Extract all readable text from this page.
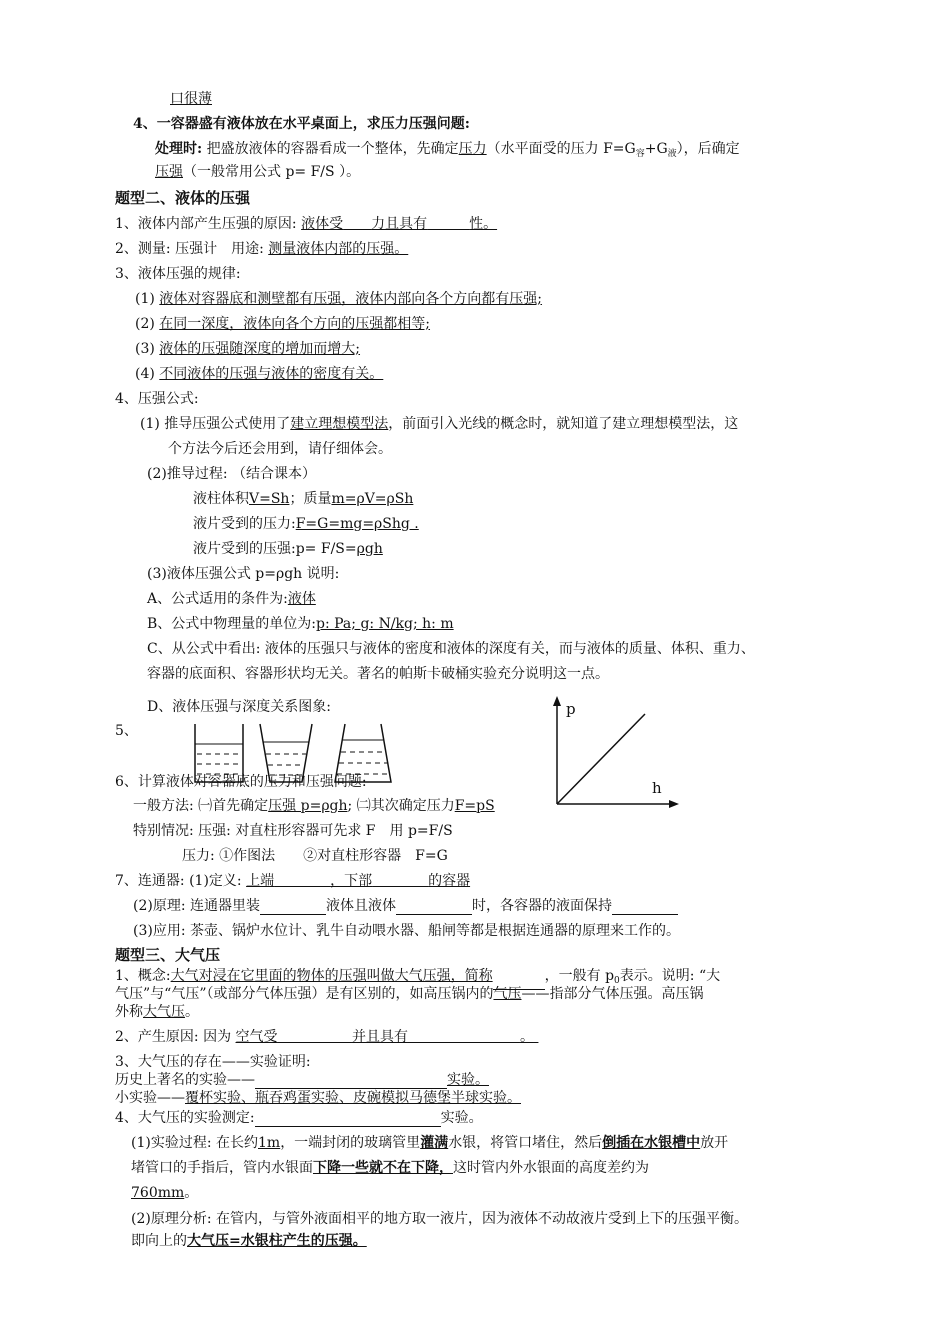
口很薄
4、一容器盛有液体放在水平桌面上，求压力压强问题:
处理时: 把盛放液体的容器看成一个整体，先确定压力（水平面受的压力 $F=G_容+G_液$），后确定
压强（一般常用公式 p= F/S ）。
题型二、液体的压强
1、液体内部产生压强的原因: 液体受　　 力且具有　　　	性。
2、测量: 压强计　用途: 测量液体内部的压强。
3、液体压强的规律:
(1) 液体对容器底和测壁都有压强，液体内部向各个方向都有压强;
(2) 在同一深度，液体向各个方向的压强都相等;
(3) 液体的压强随深度的增加而增大;
(4) 不同液体的压强与液体的密度有关。
4、压强公式:
(1) 推导压强公式使用了建立理想模型法，前面引入光线的概念时，就知道了建立理想模型法，这
个方法今后还会用到，请仔细体会。
(2)推导过程: （结合课本）
液柱体积V=Sh；质量m=ρV=ρSh
液片受到的压力:F=G=mg=ρShg .
液片受到的压强:p= F/S=ρgh
(3)液体压强公式 p=ρgh 说明:
A、公式适用的条件为:液体
B、公式中物理量的单位为:p: Pa; g: N/kg; h: m
C、从公式中看出: 液体的压强只与液体的密度和液体的深度有关，而与液体的质量、体积、重力、
容器的底面积、容器形状均无关。著名的帕斯卡破桶实验充分说明这一点。
D、液体压强与深度关系图象:
5、
p
h
6、计算液体对容器底的压力和压强问题:
一般方法: ㈠首先确定压强 p=ρgh; ㈡其次确定压力F=pS
特别情况: 压强: 对直柱形容器可先求 F　用 p=F/S
压力: ①作图法　　②对直柱形容器　F=G
7、连通器: (1)定义: 上端　　　　	，下部　　　　	的容器
(2)原理: 连通器里装	液体且液体	时，各容器的液面保持
(3)应用: 茶壶、锅炉水位计、乳牛自动喂水器、船闸等都是根据连通器的原理来工作的。
题型三、大气压
1、概念:大气对浸在它里面的物体的压强叫做大气压强，简称	，一般有 $p_0$表示。说明: “大
气压”与“气压”（或部分气体压强）是有区别的，如高压锅内的气压——指部分气体压强。高压锅
外称大气压。
2、产生原因: 因为 空气受　　　　　	并且具有　　　　　　　　	。
3、大气压的存在——实验证明:
历史上著名的实验——	实验。
小实验——覆杯实验、瓶吞鸡蛋实验、皮碗模拟马德堡半球实验。
4、大气压的实验测定:	实验。
(1)实验过程: 在长约1m，一端封闭的玻璃管里灌满水银，将管口堵住，然后倒插在水银槽中放开
堵管口的手指后，管内水银面下降一些就不在下降，这时管内外水银面的高度差约为
760mm。
(2)原理分析: 在管内，与管外液面相平的地方取一液片，因为液体不动故液片受到上下的压强平衡。
即向上的大气压=水银柱产生的压强。
